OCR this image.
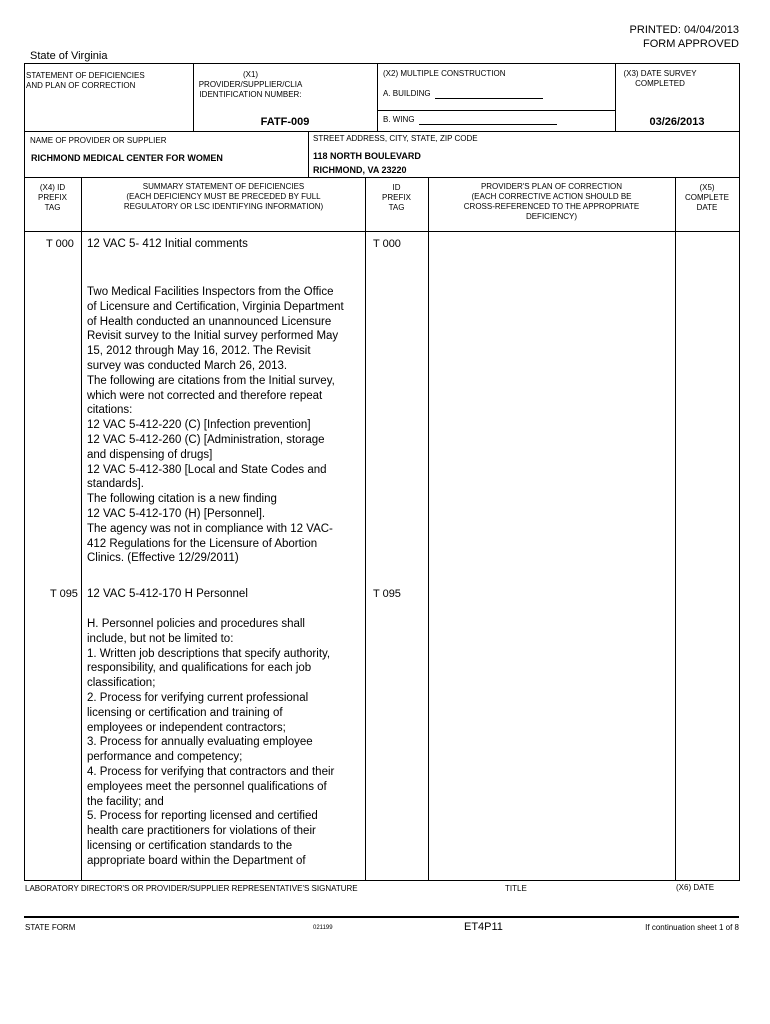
PRINTED: 04/04/2013
FORM APPROVED
State of Virginia
STATEMENT OF DEFICIENCIES
AND PLAN OF CORRECTION
(X1) PROVIDER/SUPPLIER/CLIA
IDENTIFICATION NUMBER:
FATF-009
(X2) MULTIPLE CONSTRUCTION
A. BUILDING
B. WING
(X3) DATE SURVEY
COMPLETED
03/26/2013
NAME OF PROVIDER OR SUPPLIER
RICHMOND MEDICAL CENTER FOR WOMEN
STREET ADDRESS, CITY, STATE, ZIP CODE
118 NORTH BOULEVARD
RICHMOND, VA 23220
(X4) ID
PREFIX
TAG
SUMMARY STATEMENT OF DEFICIENCIES
(EACH DEFICIENCY MUST BE PRECEDED BY FULL
REGULATORY OR LSC IDENTIFYING INFORMATION)
ID
PREFIX
TAG
PROVIDER'S PLAN OF CORRECTION
(EACH CORRECTIVE ACTION SHOULD BE
CROSS-REFERENCED TO THE APPROPRIATE
DEFICIENCY)
(X5)
COMPLETE
DATE
T 000 12 VAC 5- 412 Initial comments	T 000
Two Medical Facilities Inspectors from the Office
of Licensure and Certification, Virginia Department
of Health conducted an unannounced Licensure
Revisit survey to the Initial survey performed May
15, 2012 through May 16, 2012. The Revisit
survey was conducted March 26, 2013.
The following are citations from the Initial survey,
which were not corrected and therefore repeat
citations:
12 VAC 5-412-220 (C) [Infection prevention]
12 VAC 5-412-260 (C) [Administration, storage
and dispensing of drugs]
12 VAC 5-412-380 [Local and State Codes and
standards].
The following citation is a new finding
12 VAC 5-412-170 (H) [Personnel].
The agency was not in compliance with 12 VAC-
412 Regulations for the Licensure of Abortion
Clinics. (Effective 12/29/2011)
T 095 12 VAC 5-412-170 H Personnel	T 095
H. Personnel policies and procedures shall
include, but not be limited to:
1. Written job descriptions that specify authority,
responsibility, and qualifications for each job
classification;
2. Process for verifying current professional
licensing or certification and training of
employees or independent contractors;
3. Process for annually evaluating employee
performance and competency;
4. Process for verifying that contractors and their
employees meet the personnel qualifications of
the facility; and
5. Process for reporting licensed and certified
health care practitioners for violations of their
licensing or certification standards to the
appropriate board within the Department of
LABORATORY DIRECTOR'S OR PROVIDER/SUPPLIER REPRESENTATIVE'S SIGNATURE	TITLE	(X6) DATE
STATE FORM	021199	ET4P11	If continuation sheet 1 of 8
